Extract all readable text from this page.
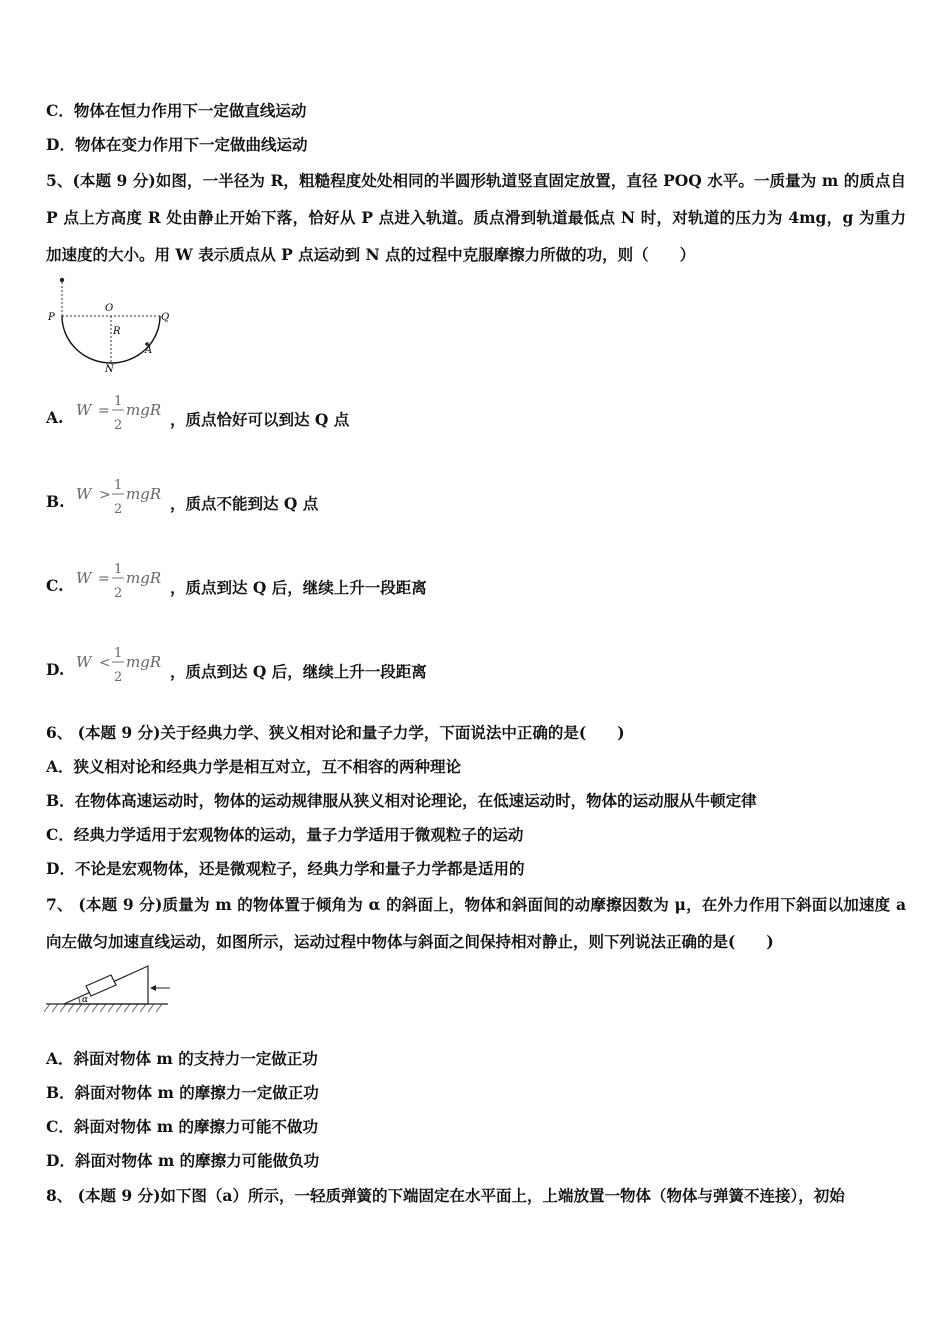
C．物体在恒力作用下一定做直线运动
D．物体在变力作用下一定做曲线运动
5、(本题 9 分)如图，一半径为 R，粗糙程度处处相同的半圆形轨道竖直固定放置，直径 POQ 水平。一质量为 m 的质点自 P 点上方高度 R 处由静止开始下落，恰好从 P 点进入轨道。质点滑到轨道最低点 N 时，对轨道的压力为 4mg，g 为重力加速度的大小。用 W 表示质点从 P 点运动到 N 点的过程中克服摩擦力所做的功，则（　　）
P
O
Q
R
A
N
A. W =
1
2
mgR ，质点恰好可以到达 Q 点
B. W >
1
2
mgR ，质点不能到达 Q 点
C. W =
1
2
mgR ，质点到达 Q 后，继续上升一段距离
D. W <
1
2
mgR ，质点到达 Q 后，继续上升一段距离
6、 (本题 9 分)关于经典力学、狭义相对论和量子力学，下面说法中正确的是(　　)
A．狭义相对论和经典力学是相互对立，互不相容的两种理论
B．在物体高速运动时，物体的运动规律服从狭义相对论理论，在低速运动时，物体的运动服从牛顿定律
C．经典力学适用于宏观物体的运动，量子力学适用于微观粒子的运动
D．不论是宏观物体，还是微观粒子，经典力学和量子力学都是适用的
7、 (本题 9 分)质量为 m 的物体置于倾角为 α 的斜面上，物体和斜面间的动摩擦因数为 μ，在外力作用下斜面以加速度 a 向左做匀加速直线运动，如图所示，运动过程中物体与斜面之间保持相对静止，则下列说法正确的是(　　)
α
A．斜面对物体 m 的支持力一定做正功
B．斜面对物体 m 的摩擦力一定做正功
C．斜面对物体 m 的摩擦力可能不做功
D．斜面对物体 m 的摩擦力可能做负功
8、 (本题 9 分)如下图（a）所示，一轻质弹簧的下端固定在水平面上，上端放置一物体（物体与弹簧不连接），初始
